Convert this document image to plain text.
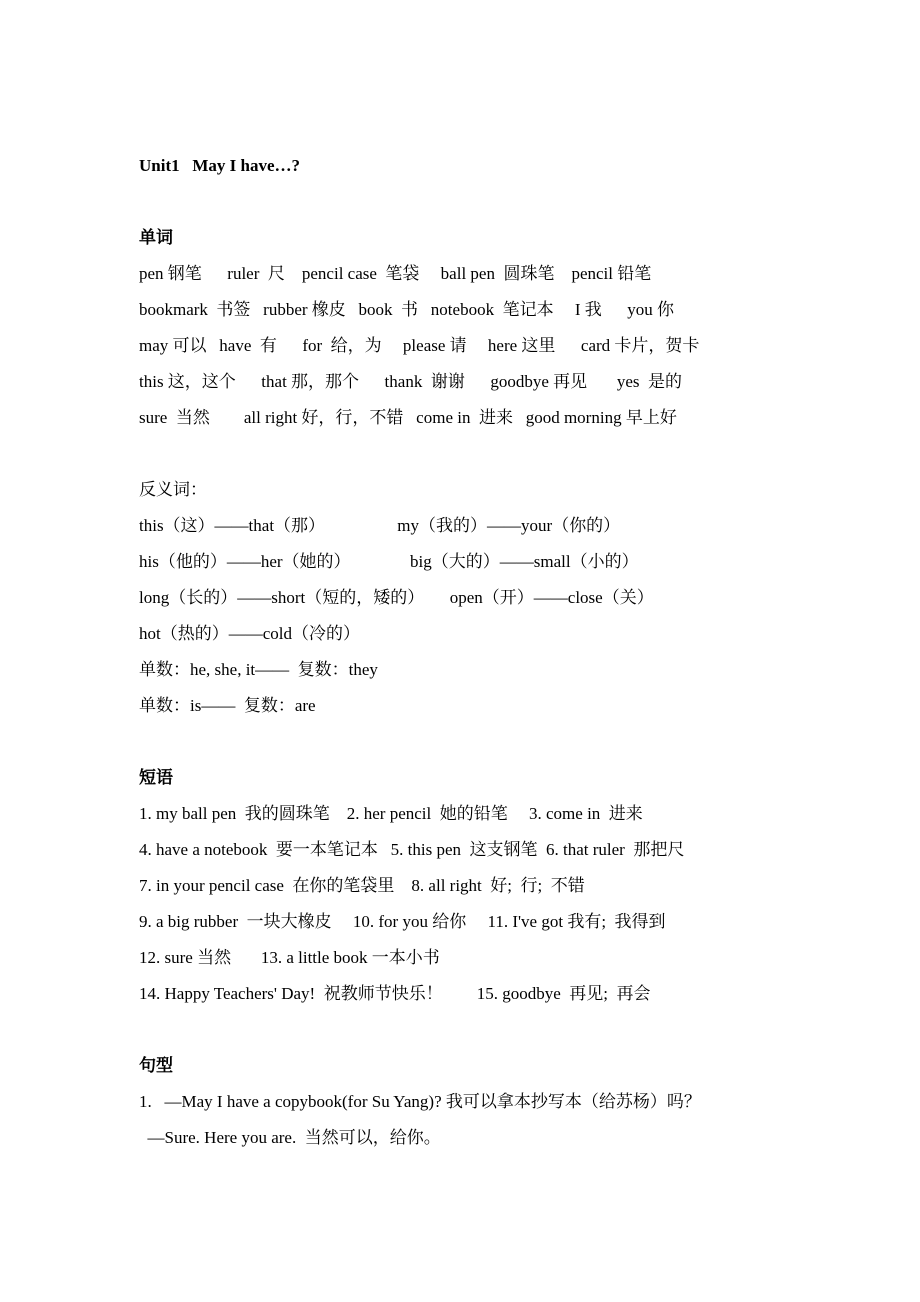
Unit1   May I have…?
单词
pen 钢笔      ruler  尺    pencil case  笔袋     ball pen  圆珠笔    pencil 铅笔
bookmark  书签   rubber 橡皮   book  书   notebook  笔记本     I 我      you 你
may 可以   have  有      for  给，为     please 请     here 这里      card 卡片，贺卡
this 这，这个      that 那，那个      thank  谢谢      goodbye 再见       yes  是的
sure  当然        all right 好，行，不错   come in  进来   good morning 早上好
反义词：
this（这）——that（那）                 my（我的）——your（你的）
his（他的）——her（她的）              big（大的）——small（小的）
long（长的）——short（短的，矮的）      open（开）——close（关）
hot（热的）——cold（冷的）
单数：he, she, it——  复数：they
单数：is——  复数：are
短语
1. my ball pen  我的圆珠笔    2. her pencil  她的铅笔     3. come in  进来
4. have a notebook  要一本笔记本   5. this pen  这支钢笔  6. that ruler  那把尺
7. in your pencil case  在你的笔袋里    8. all right  好;  行;  不错
9. a big rubber  一块大橡皮     10. for you 给你     11. I've got 我有;  我得到
12. sure 当然       13. a little book 一本小书
14. Happy Teachers' Day!  祝教师节快乐！        15. goodbye  再见;  再会
句型
1.   —May I have a copybook(for Su Yang)? 我可以拿本抄写本（给苏杨）吗？
—Sure. Here you are.  当然可以，给你。
